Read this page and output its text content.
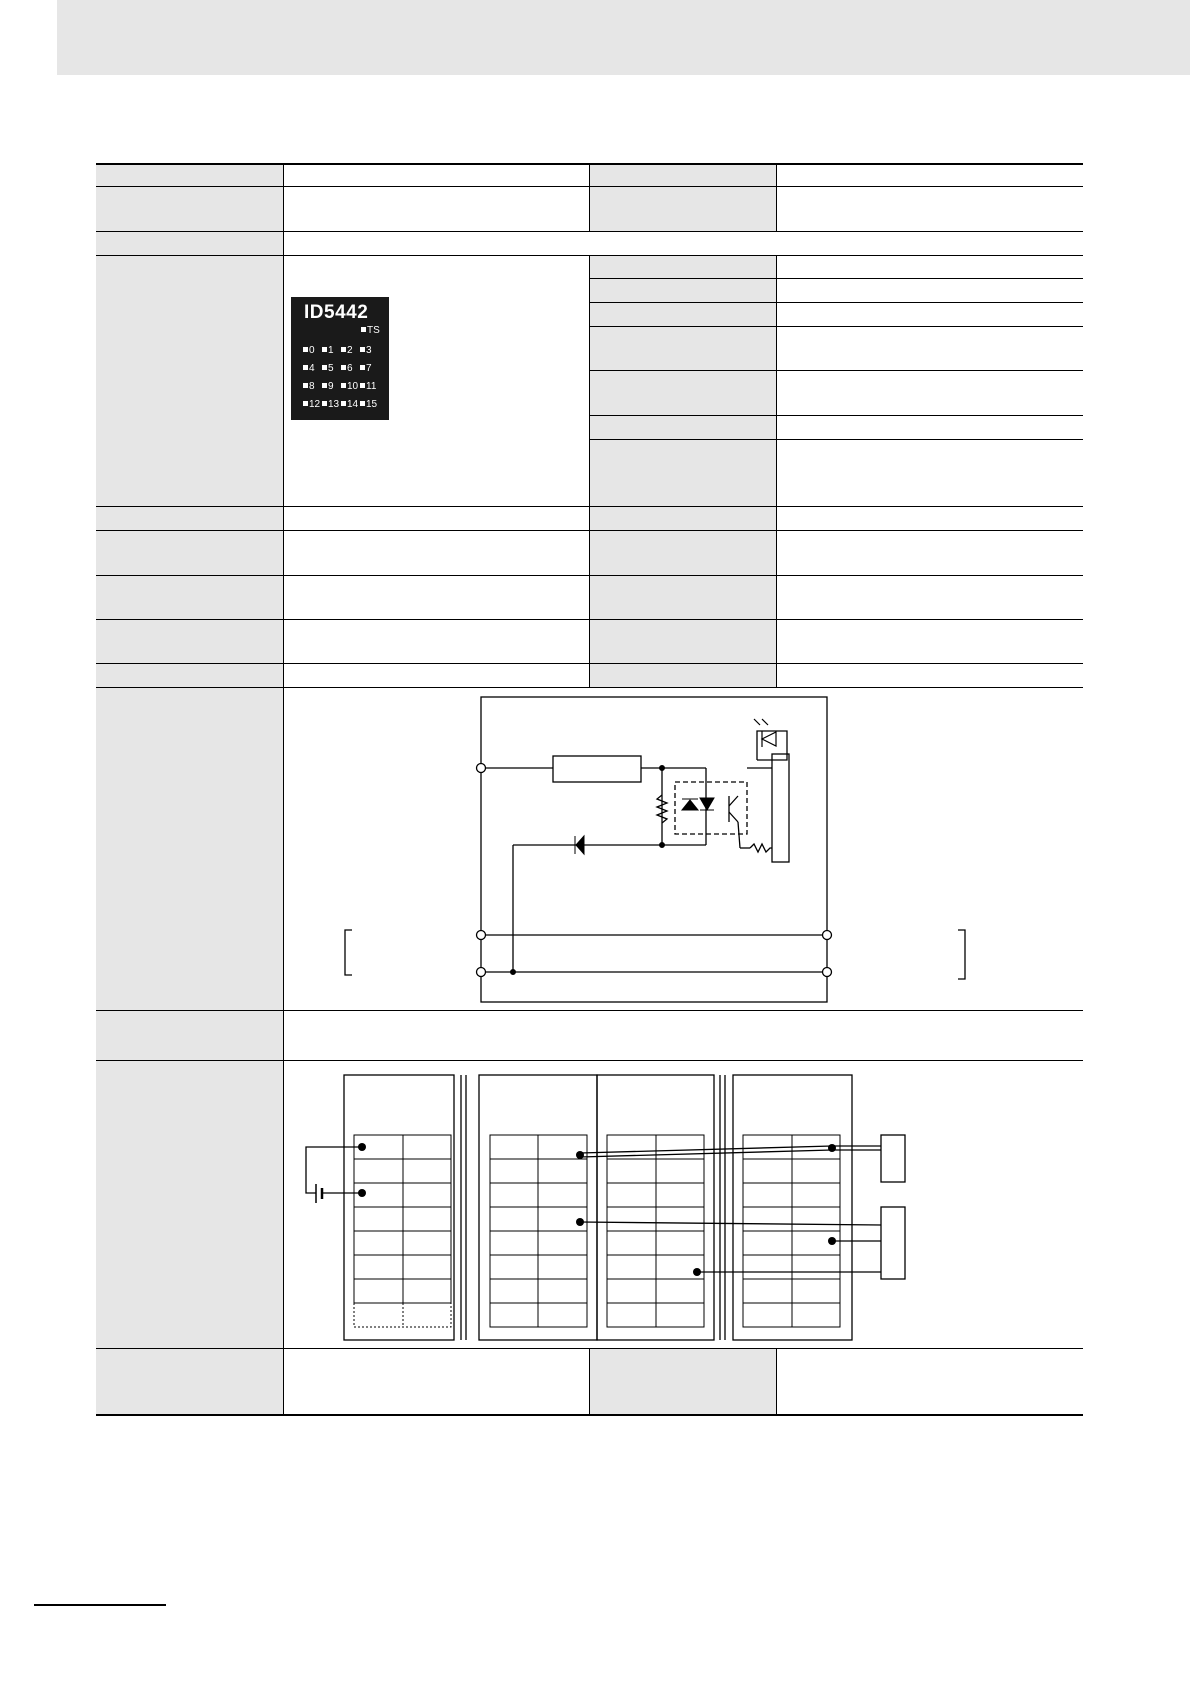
ID5442
TS
0	1	2	3
4	5	6	7
8	9	10 11
12 13 14 15
